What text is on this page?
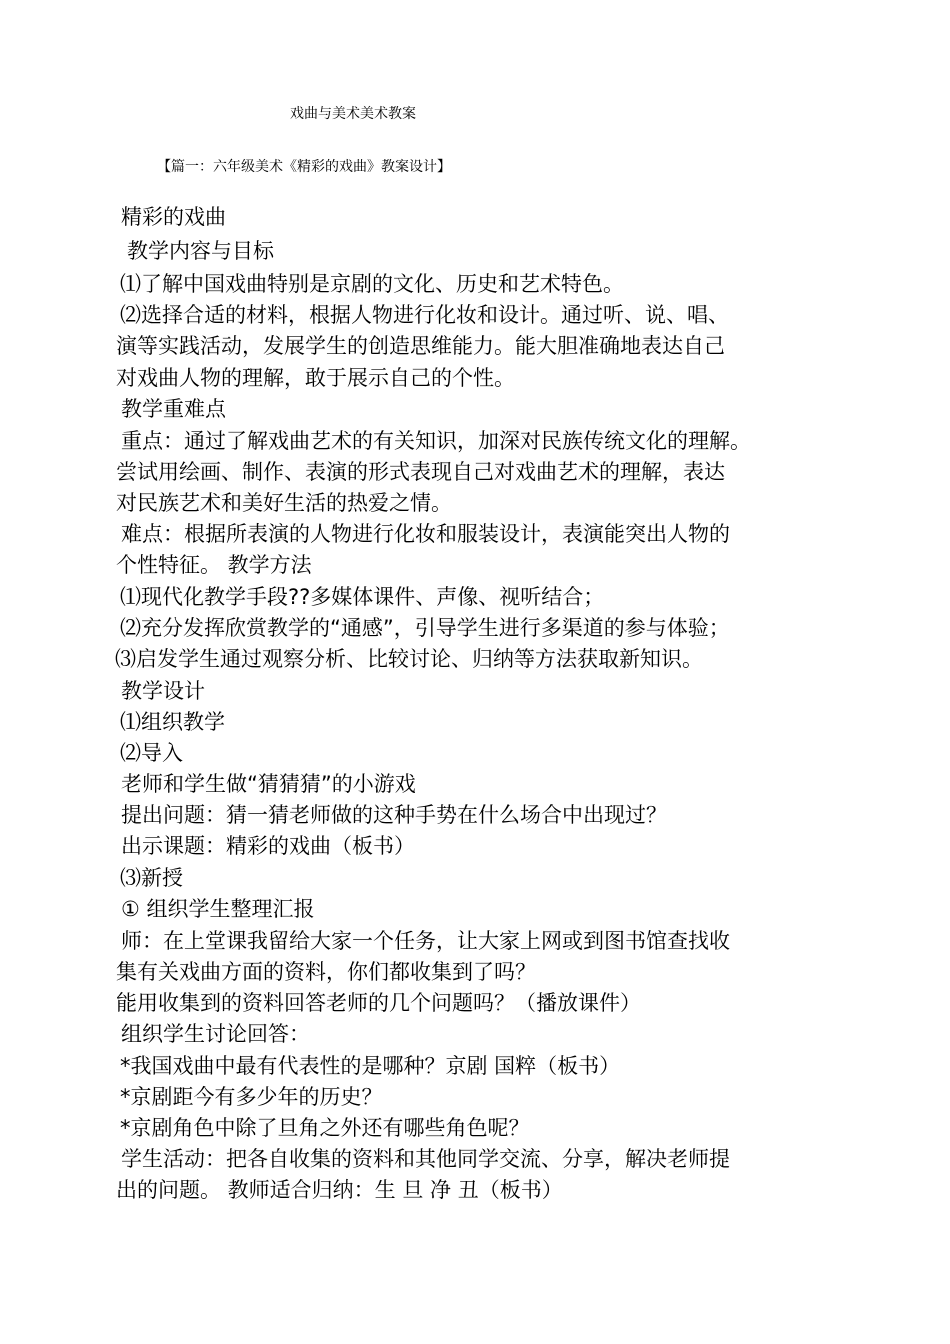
戏曲与美术美术教案
【篇一：六年级美术《精彩的戏曲》教案设计】
精彩的戏曲
教学内容与目标
⑴了解中国戏曲特别是京剧的文化、历史和艺术特色。
⑵选择合适的材料，根据人物进行化妆和设计。通过听、说、唱、
演等实践活动，发展学生的创造思维能力。能大胆准确地表达自己
对戏曲人物的理解，敢于展示自己的个性。
教学重难点
重点：通过了解戏曲艺术的有关知识，加深对民族传统文化的理解。
尝试用绘画、制作、表演的形式表现自己对戏曲艺术的理解，表达
对民族艺术和美好生活的热爱之情。
难点：根据所表演的人物进行化妆和服装设计，表演能突出人物的
个性特征。 教学方法
⑴现代化教学手段??多媒体课件、声像、视听结合；
⑵充分发挥欣赏教学的“通感”，引导学生进行多渠道的参与体验；
⑶启发学生通过观察分析、比较讨论、归纳等方法获取新知识。
教学设计
⑴组织教学
⑵导入
老师和学生做“猜猜猜”的小游戏
提出问题：猜一猜老师做的这种手势在什么场合中出现过？
出示课题：精彩的戏曲（板书）
⑶新授
① 组织学生整理汇报
师：在上堂课我留给大家一个任务，让大家上网或到图书馆查找收
集有关戏曲方面的资料，你们都收集到了吗？
能用收集到的资料回答老师的几个问题吗？（播放课件）
组织学生讨论回答：
*我国戏曲中最有代表性的是哪种？京剧 国粹（板书）
*京剧距今有多少年的历史？
*京剧角色中除了旦角之外还有哪些角色呢？
学生活动：把各自收集的资料和其他同学交流、分享，解决老师提
出的问题。 教师适合归纳：生 旦 净 丑（板书）
